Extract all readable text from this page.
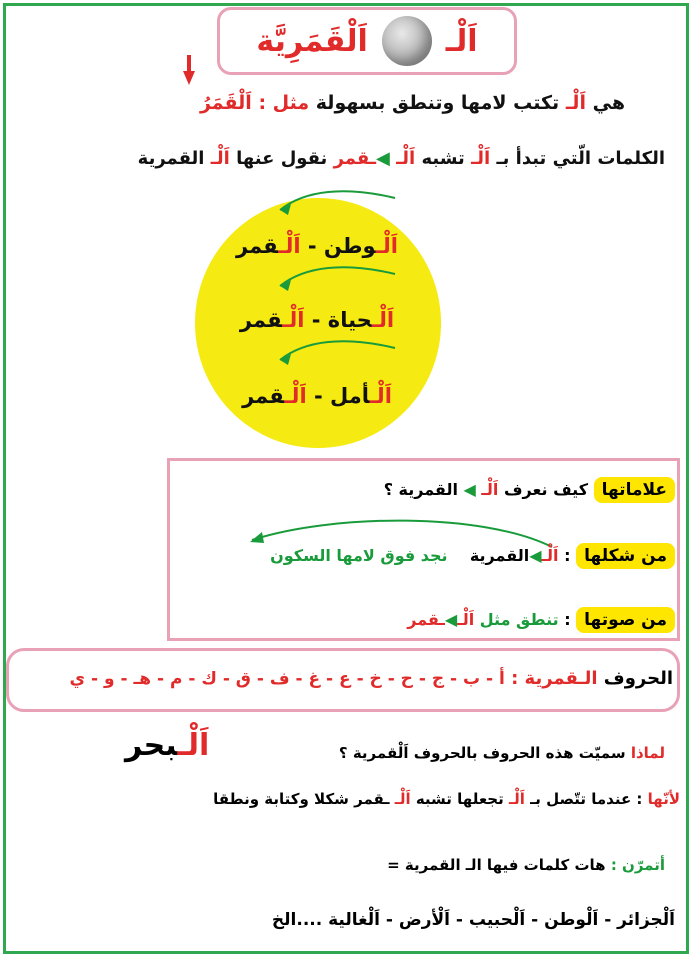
اَلْقَمَرِيَّة	اَلْـ
هي اَلْـ تكتب لامها وتنطق بسهولة مثل : اَلْقَمَرُ
الكلمات الّتي تبدأ بـ اَلْـ تشبه اَلْـ ◀ـقمر نقول عنها اَلْـ القمرية
اَلْـوطن - اَلْـقمر
اَلْـحياة - اَلْـقمر
اَلْـأمل - اَلْـقمر
علاماتها كيف نعرف اَلْـ ◀ القمرية ؟
من شكلها : اَلْـ◀القمرية    نجد فوق لامها السكون
من صوتها : تنطق مثل اَلْـ◀ـقمر
الحروف الـقمرية : أ - ب - ج - ح - خ - ع - غ - ف - ق - ك - م - هـ - و - ي
لماذا سميّت هذه الحروف بالحروف اَلْقمرية ؟
اَلْـبحر
لأنّها : عندما تتّصل بـ اَلْـ تجعلها تشبه اَلْـ ـقمر شكلا وكتابة ونطقا
أتمرّن : هات كلمات فيها الـ القمرية =
اَلْجزائر - اَلْوطن - اَلْحبيب - اَلْأرض - اَلْغالية ....الخ
